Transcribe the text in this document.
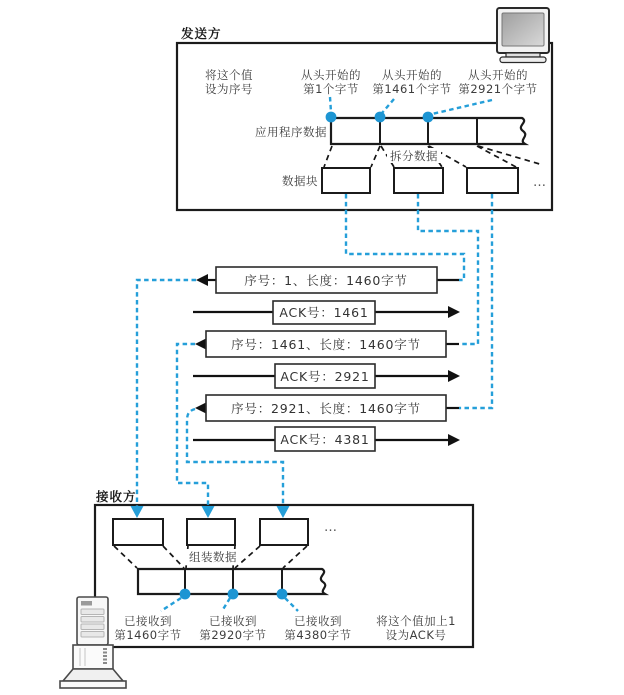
发送方
接收方
将这个值
设为序号
从头开始的
第1个字节
从头开始的
第1461个字节
从头开始的
第2921个字节
应用程序数据
拆分数据
数据块	…
序号：1、长度：1460字节
ACK号：1461
序号：1461、长度：1460字节
ACK号：2921
序号：2921、长度：1460字节
ACK号：4381
…
组装数据
已接收到
第1460字节
已接收到
第2920字节
已接收到
第4380字节
将这个值加上1
设为ACK号
